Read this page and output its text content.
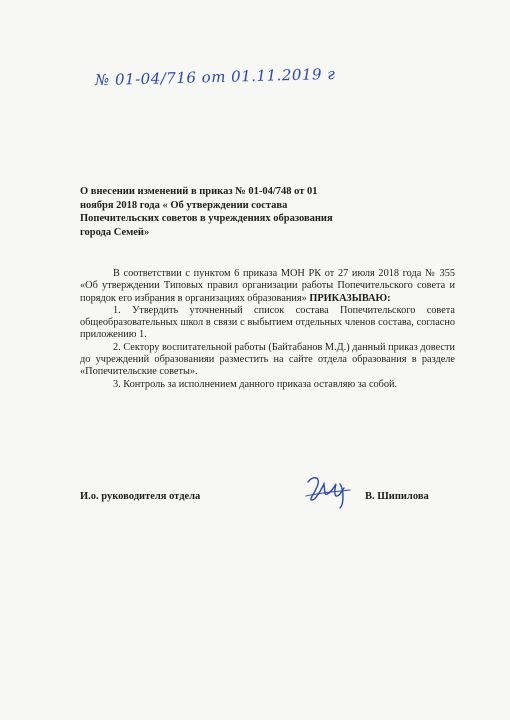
№ 01-04/716 от 01.11.2019 г
О внесении изменений в приказ № 01-04/748 от 01 ноября 2018 года « Об утверждении состава Попечительских советов в учреждениях образования города Семей»

В соответствии с пунктом 6 приказа МОН РК от 27 июля 2018 года № 355 «Об утверждении Типовых правил организации работы Попечительского совета и порядок его избрания в организациях образования» ПРИКАЗЫВАЮ:

1. Утвердить уточненный список состава Попечительского совета общеобразовательных школ в связи с выбытием отдельных членов состава, согласно приложению 1.

2. Сектору воспитательной работы (Байтабанов М.Д.) данный приказ довести до учреждений образованияи разместить на сайте отдела образования в разделе «Попечительские советы».

3. Контроль за исполнением данного приказа оставляю за собой.

И.о. руководителя отдела	В. Шипилова
